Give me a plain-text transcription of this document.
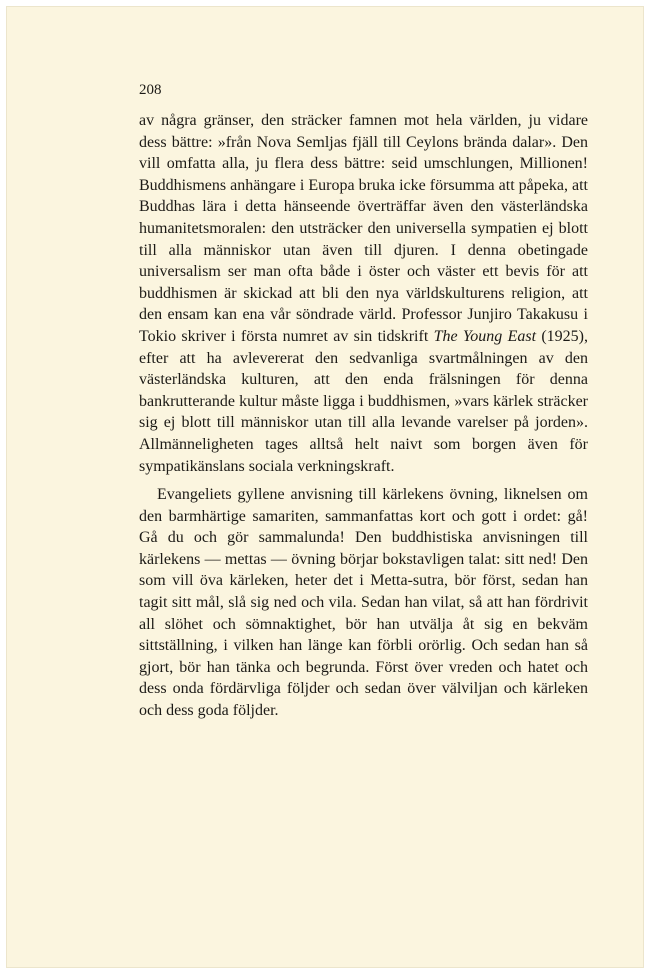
208

av några gränser, den sträcker famnen mot hela världen, ju vidare dess bättre: »från Nova Semljas fjäll till Ceylons brända dalar». Den vill omfatta alla, ju flera dess bättre: seid umschlungen, Millionen! Buddhismens anhängare i Europa bruka icke försumma att påpeka, att Buddhas lära i detta hänseende överträffar även den västerländska humanitetsmoralen: den utsträcker den universella sympatien ej blott till alla människor utan även till djuren. I denna obetingade universalism ser man ofta både i öster och väster ett bevis för att buddhismen är skickad att bli den nya världskulturens religion, att den ensam kan ena vår söndrade värld. Professor Junjiro Takakusu i Tokio skriver i första numret av sin tidskrift The Young East (1925), efter att ha avlevererat den sedvanliga svartmålningen av den västerländska kulturen, att den enda frälsningen för denna bankrutterande kultur måste ligga i buddhismen, »vars kärlek sträcker sig ej blott till människor utan till alla levande varelser på jorden». Allmänneligheten tages alltså helt naivt som borgen även för sympatikänslans sociala verkningskraft.

Evangeliets gyllene anvisning till kärlekens övning, liknelsen om den barmhärtige samariten, sammanfattas kort och gott i ordet: gå! Gå du och gör sammalunda! Den buddhistiska anvisningen till kärlekens — mettas — övning börjar bokstavligen talat: sitt ned! Den som vill öva kärleken, heter det i Metta-sutra, bör först, sedan han tagit sitt mål, slå sig ned och vila. Sedan han vilat, så att han fördrivit all slöhet och sömnaktighet, bör han utvälja åt sig en bekväm sittställning, i vilken han länge kan förbli orörlig. Och sedan han så gjort, bör han tänka och begrunda. Först över vreden och hatet och dess onda fördärvliga följder och sedan över välviljan och kärleken och dess goda följder.
